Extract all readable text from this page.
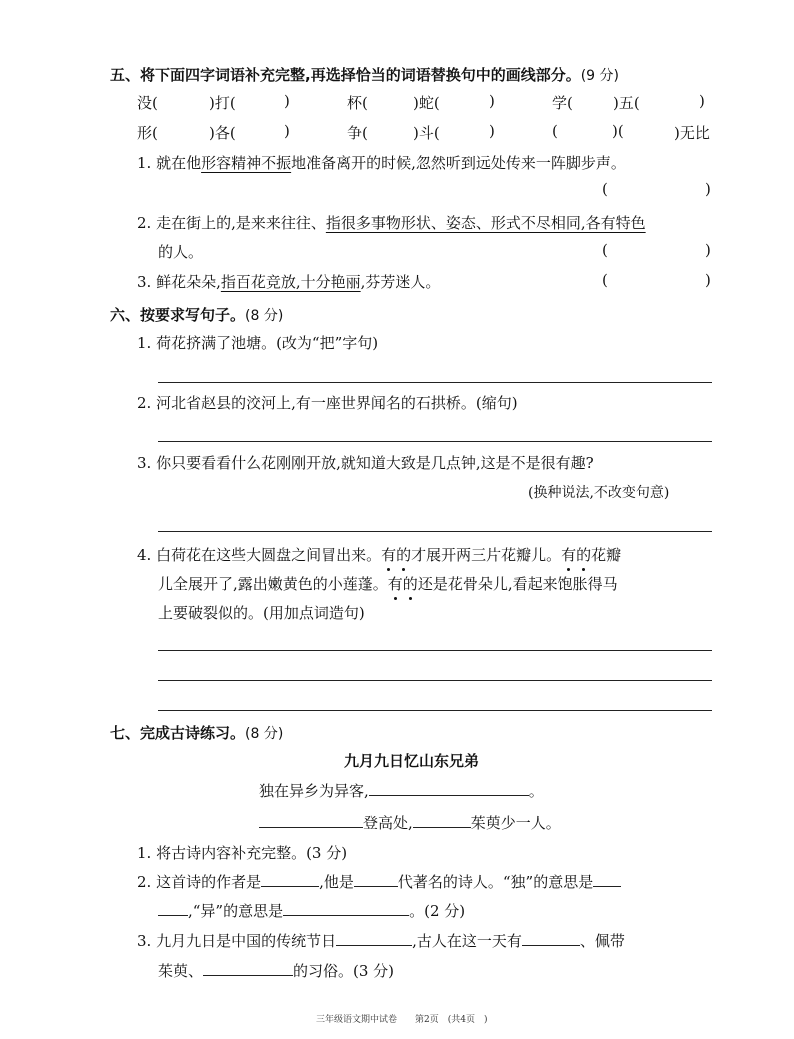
五、将下面四字词语补充完整,再选择恰当的词语替换句中的画线部分。(9 分)
没(	)打(	)	杯(	)蛇(	)	学(	)五(	)
形(	)各(	)	争(	)斗(	)	(	)(	)无比
1. 就在他形容精神不振地准备离开的时候,忽然听到远处传来一阵脚步声。
(	)
2. 走在街上的,是来来往往、指很多事物形状、姿态、形式不尽相同,各有特色
的人。	(	)
3. 鲜花朵朵,指百花竞放,十分艳丽,芬芳迷人。	(	)
六、按要求写句子。(8 分)
1. 荷花挤满了池塘。(改为“把”字句)
2. 河北省赵县的洨河上,有一座世界闻名的石拱桥。(缩句)
3. 你只要看看什么花刚刚开放,就知道大致是几点钟,这是不是很有趣?
(换种说法,不改变句意)
4. 白荷花在这些大圆盘之间冒出来。有的才展开两三片花瓣儿。有的花瓣
儿全展开了,露出嫩黄色的小莲蓬。有的还是花骨朵儿,看起来饱胀得马
上要破裂似的。(用加点词造句)
七、完成古诗练习。(8 分)
九月九日忆山东兄弟
独在异乡为异客,	。
登高处,	茱萸少一人。
1. 将古诗内容补充完整。(3 分)
2. 这首诗的作者是	,他是	代著名的诗人。“独”的意思是
,“异”的意思是	。(2 分)
3. 九月九日是中国的传统节日	,古人在这一天有	、佩带
茱萸、	的习俗。(3 分)
三年级语文期中试卷　　第2页　(共4页　)
